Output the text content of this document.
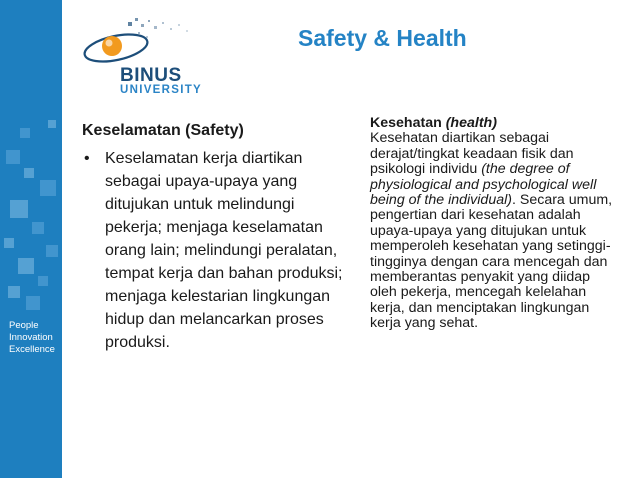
People
Innovation
Excellence
BINUS
UNIVERSITY
Safety & Health
Keselamatan (Safety)
• Keselamatan kerja diartikan sebagai upaya-upaya yang ditujukan untuk melindungi pekerja; menjaga keselamatan orang lain; melindungi peralatan, tempat kerja dan bahan produksi; menjaga kelestarian lingkungan hidup dan melancarkan proses produksi.
Kesehatan (health)
Kesehatan diartikan sebagai derajat/tingkat keadaan fisik dan psikologi individu (the degree of physiological and psychological well being of the individual). Secara umum, pengertian dari kesehatan adalah upaya-upaya yang ditujukan untuk memperoleh kesehatan yang setinggi-tingginya dengan cara mencegah dan memberantas penyakit yang diidap oleh pekerja, mencegah kelelahan kerja, dan menciptakan lingkungan kerja yang sehat.
